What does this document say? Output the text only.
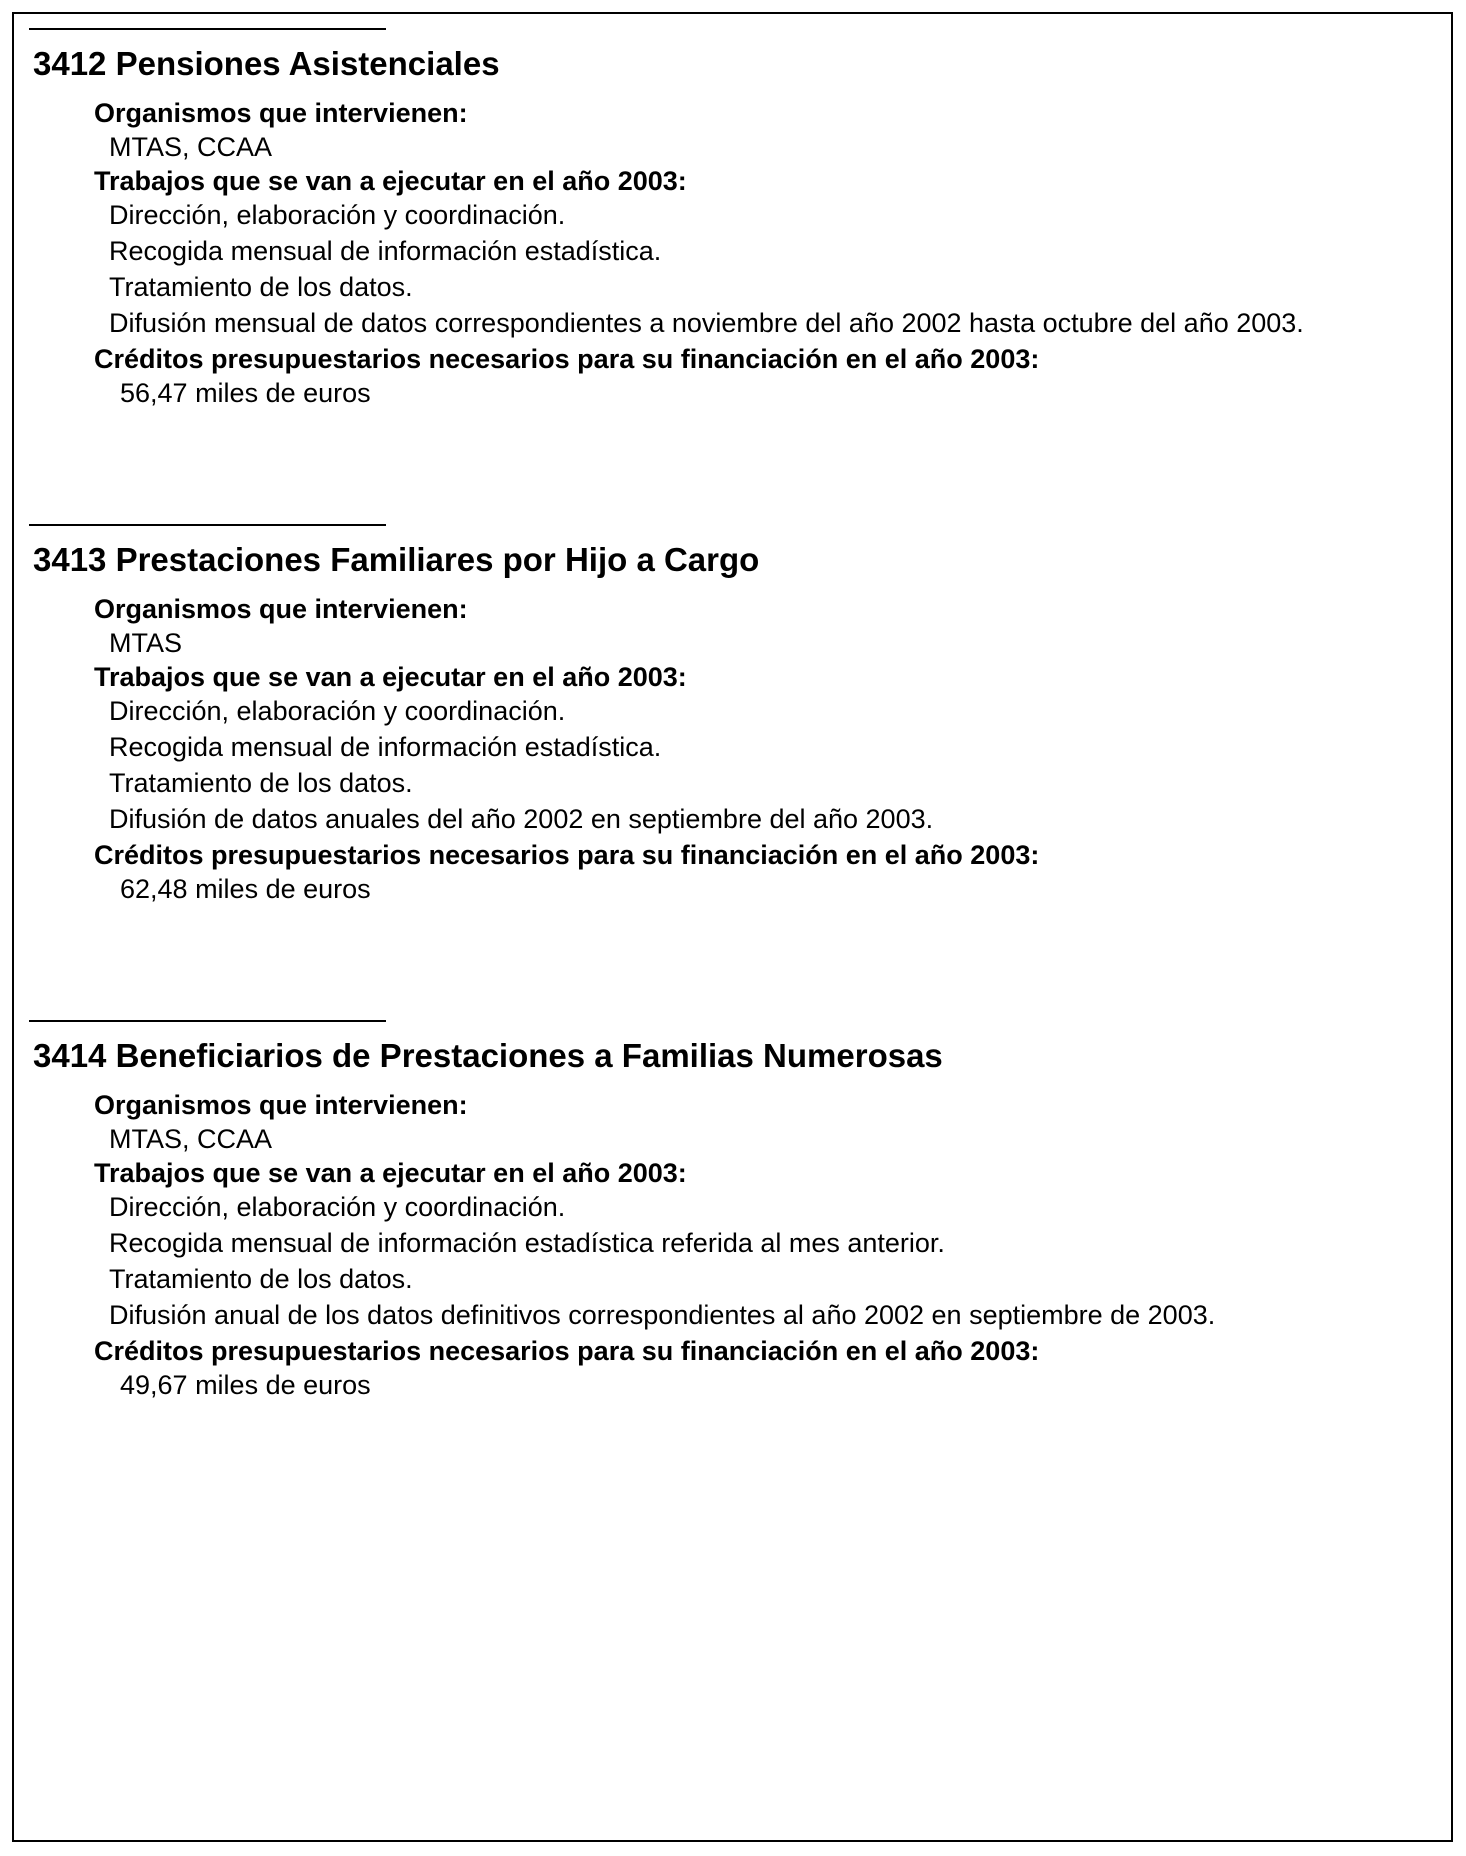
3412 Pensiones Asistenciales
Organismos que intervienen:
MTAS, CCAA
Trabajos que se van a ejecutar en el año 2003:
Dirección, elaboración y coordinación.
Recogida mensual de información estadística.
Tratamiento de los datos.
Difusión mensual de datos correspondientes a noviembre del año 2002 hasta octubre del año 2003.
Créditos presupuestarios necesarios para su financiación en el año 2003:
56,47 miles de euros
3413 Prestaciones Familiares por Hijo a Cargo
Organismos que intervienen:
MTAS
Trabajos que se van a ejecutar en el año 2003:
Dirección, elaboración y coordinación.
Recogida mensual de información estadística.
Tratamiento de los datos.
Difusión de datos anuales del año 2002 en septiembre del año 2003.
Créditos presupuestarios necesarios para su financiación en el año 2003:
62,48 miles de euros
3414 Beneficiarios de Prestaciones a Familias Numerosas
Organismos que intervienen:
MTAS, CCAA
Trabajos que se van a ejecutar en el año 2003:
Dirección, elaboración y coordinación.
Recogida mensual de información estadística referida al mes anterior.
Tratamiento de los datos.
Difusión anual de los datos definitivos correspondientes al año 2002 en septiembre de 2003.
Créditos presupuestarios necesarios para su financiación en el año 2003:
49,67 miles de euros
